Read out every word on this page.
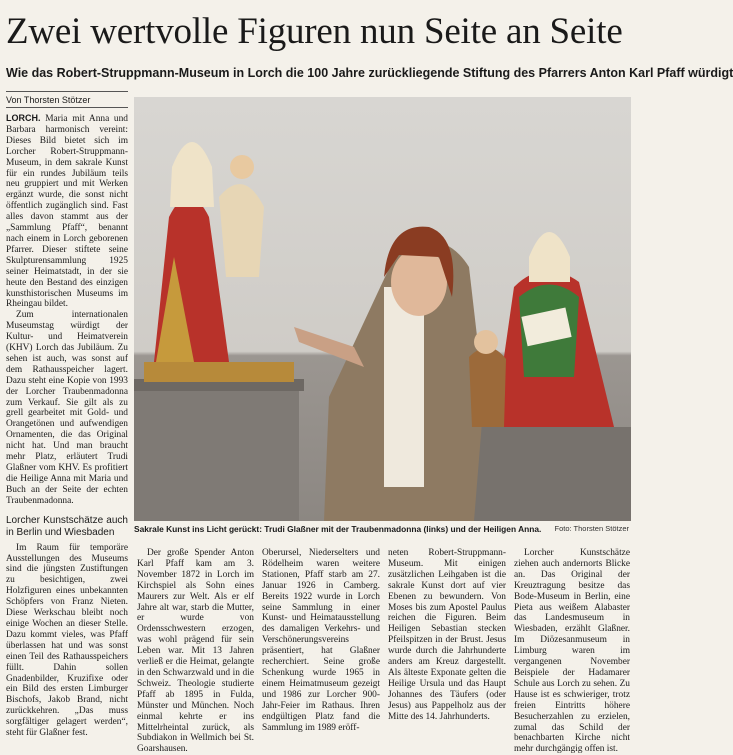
Zwei wertvolle Figuren nun Seite an Seite
Wie das Robert-Struppmann-Museum in Lorch die 100 Jahre zurückliegende Stiftung des Pfarrers Anton Karl Pfaff würdigt
Von Thorsten Stötzer

LORCH. Maria mit Anna und Barbara harmonisch vereint: Dieses Bild bietet sich im Lorcher Robert-Struppmann-Museum, in dem sakrale Kunst für ein rundes Jubiläum teils neu gruppiert und mit Werken ergänzt wurde, die sonst nicht öffentlich zugänglich sind. Fast alles davon stammt aus der „Sammlung Pfaff“, benannt nach einem in Lorch geborenen Pfarrer. Dieser stiftete seine Skulpturensammlung 1925 seiner Heimatstadt, in der sie heute den Bestand des einzigen kunsthistorischen Museums im Rheingau bildet.

Zum internationalen Museumstag würdigt der Kultur- und Heimatverein (KHV) Lorch das Jubiläum. Zu sehen ist auch, was sonst auf dem Rathausspeicher lagert. Dazu steht eine Kopie von 1993 der Lorcher Traubenmadonna zum Verkauf. Sie gilt als zu grell gearbeitet mit Gold- und Orangetönen und aufwendigen Ornamenten, die das Original nicht hat. Und man braucht mehr Platz, erläutert Trudi Glaßner vom KHV. Es profitiert die Heilige Anna mit Maria und Buch an der Seite der echten Traubenmadonna.

Lorcher Kunstschätze auch in Berlin und Wiesbaden

Im Raum für temporäre Ausstellungen des Museums sind die jüngsten Zustiftungen zu besichtigen, zwei Holzfiguren eines unbekannten Schöpfers von Franz Nieten. Diese Werkschau bleibt noch einige Wochen an dieser Stelle. Dazu kommt vieles, was Pfaff überlassen hat und was sonst einen Teil des Rathausspeichers füllt. Dahin sollen Gnadenbilder, Kruzifixe oder ein Bild des ersten Limburger Bischofs, Jakob Brand, nicht zurückkehren. „Das muss sorgfältiger gelagert werden“, steht für Glaßner fest.

Sakrale Kunst ins Licht gerückt: Trudi Glaßner mit der Traubenmadonna (links) und der Heiligen Anna. Foto: Thorsten Stötzer

Der große Spender Anton Karl Pfaff kam am 3. November 1872 in Lorch im Kirchspiel als Sohn eines Maurers zur Welt. Als er elf Jahre alt war, starb die Mutter, er wurde von Ordensschwestern erzogen, was wohl prägend für sein Leben war. Mit 13 Jahren verließ er die Heimat, gelangte in den Schwarzwald und in die Schweiz. Theologie studierte Pfaff ab 1895 in Fulda, Münster und München. Noch einmal kehrte er ins Mittelrheintal zurück, als Subdiakon in Wellmich bei St. Goarshausen.

Oberursel, Niederselters und Rödelheim waren weitere Stationen, Pfaff starb am 27. Januar 1926 in Camberg. Bereits 1922 wurde in Lorch seine Sammlung in einer Kunst- und Heimatausstellung des damaligen Verkehrs- und Verschönerungsvereins präsentiert, hat Glaßner recherchiert. Seine große Schenkung wurde 1965 in einem Heimatmuseum gezeigt und 1986 zur Lorcher 900-Jahr-Feier im Rathaus. Ihren endgültigen Platz fand die Sammlung im 1989 eröff-

neten Robert-Struppmann-Museum. Mit einigen zusätzlichen Leihgaben ist die sakrale Kunst dort auf vier Ebenen zu bewundern. Von Moses bis zum Apostel Paulus reichen die Figuren. Beim Heiligen Sebastian stecken Pfeilspitzen in der Brust. Jesus wurde durch die Jahrhunderte anders am Kreuz dargestellt. Als älteste Exponate gelten die Heilige Ursula und das Haupt Johannes des Täufers (oder Jesus) aus Pappelholz aus der Mitte des 14. Jahrhunderts.

Lorcher Kunstschätze ziehen auch andernorts Blicke an. Das Original der Kreuztragung besitze das Bode-Museum in Berlin, eine Pieta aus weißem Alabaster das Landesmuseum in Wiesbaden, erzählt Glaßner. Im Diözesanmuseum in Limburg waren im vergangenen November Beispiele der Hadamarer Schule aus Lorch zu sehen. Zu Hause ist es schwieriger, trotz freien Eintritts höhere Besucherzahlen zu erzielen, zumal das Schild der benachbarten Kirche nicht mehr durchgängig offen ist.
